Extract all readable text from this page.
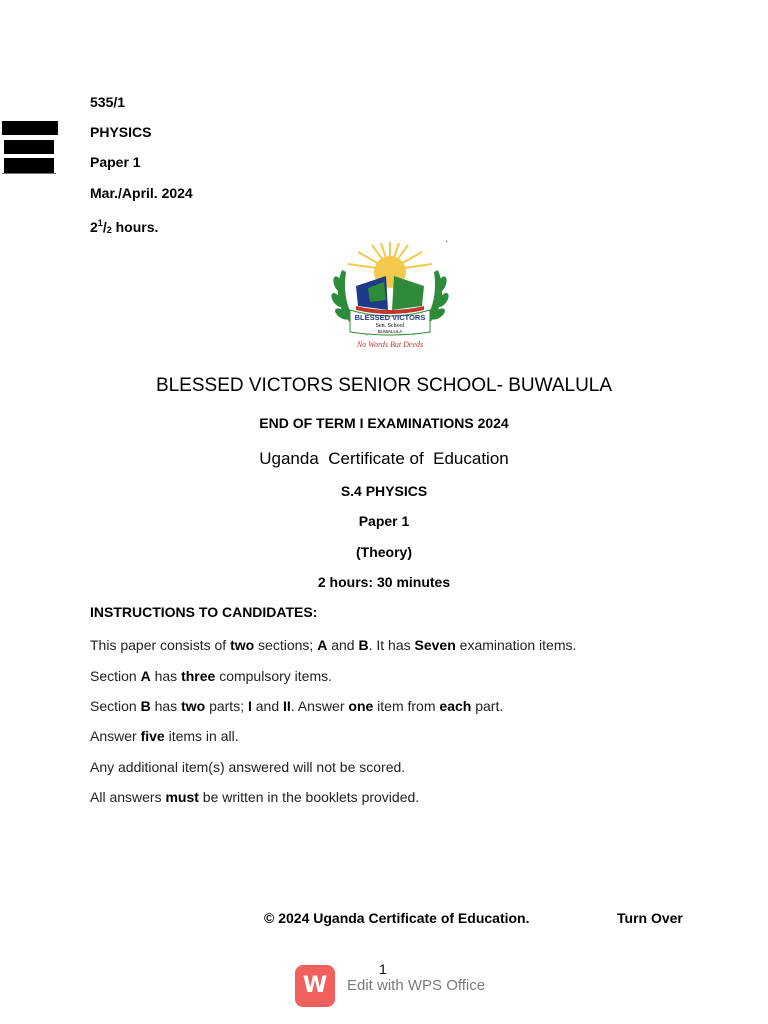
535/1
PHYSICS
Paper 1
Mar./April. 2024
$2^1/_2$ hours.
`
BLESSED VICTORS
Sen. School
BUWALULA
No Words But Deeds
BLESSED VICTORS SENIOR SCHOOL- BUWALULA
END OF TERM I EXAMINATIONS 2024
Uganda  Certificate of  Education
S.4 PHYSICS
Paper 1
(Theory)
2 hours: 30 minutes
INSTRUCTIONS TO CANDIDATES:
This paper consists of two sections; A and B. It has Seven examination items.
Section A has three compulsory items.
Section B has two parts; I and II. Answer one item from each part.
Answer five items in all.
Any additional item(s) answered will not be scored.
All answers must be written in the booklets provided.
© 2024 Uganda Certificate of Education.	Turn Over
1
W	Edit with WPS Office
